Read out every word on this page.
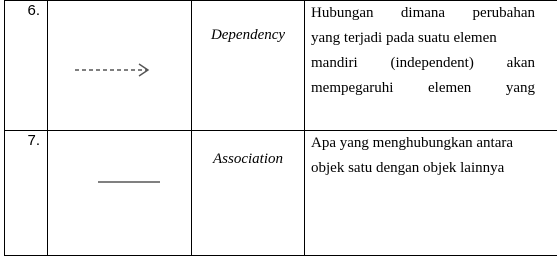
6.		Dependency	Hubungan dimana perubahan
yang terjadi pada suatu elemen
mandiri (independent) akan
mempegaruhi elemen yang

7.		Association	Apa yang menghubungkan antara
objek satu dengan objek lainnya
